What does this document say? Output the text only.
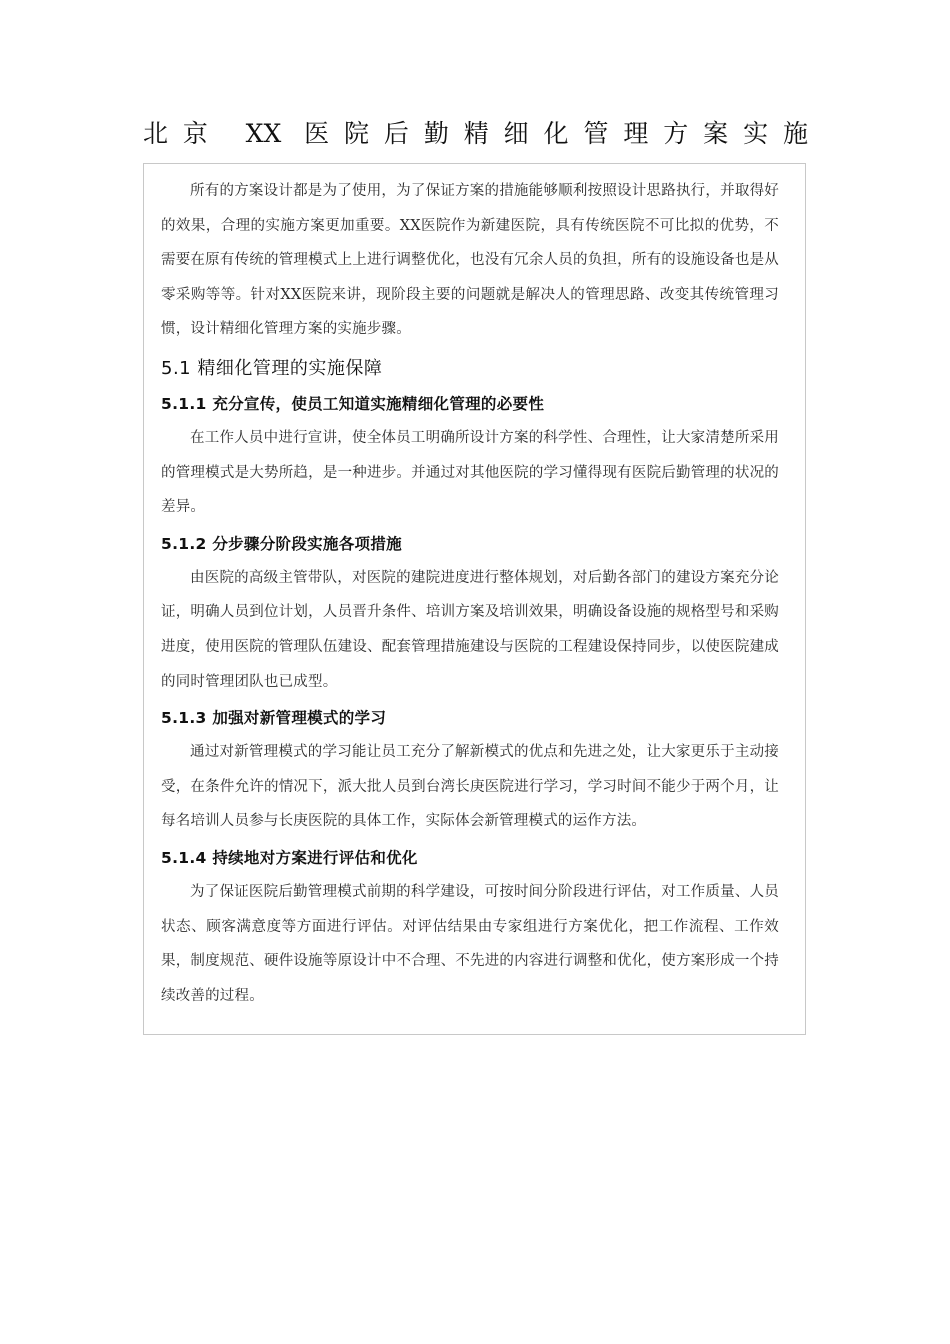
北京 XX 医院后勤精细化管理方案实施

所有的方案设计都是为了使用，为了保证方案的措施能够顺利按照设计思路执行，并取得好的效果，合理的实施方案更加重要。XX医院作为新建医院，具有传统医院不可比拟的优势，不需要在原有传统的管理模式上上进行调整优化，也没有冗余人员的负担，所有的设施设备也是从零采购等等。针对XX医院来讲，现阶段主要的问题就是解决人的管理思路、改变其传统管理习惯，设计精细化管理方案的实施步骤。

5.1 精细化管理的实施保障
5.1.1 充分宣传，使员工知道实施精细化管理的必要性

在工作人员中进行宣讲，使全体员工明确所设计方案的科学性、合理性，让大家清楚所采用的管理模式是大势所趋，是一种进步。并通过对其他医院的学习懂得现有医院后勤管理的状况的差异。

5.1.2 分步骤分阶段实施各项措施

由医院的高级主管带队，对医院的建院进度进行整体规划，对后勤各部门的建设方案充分论证，明确人员到位计划，人员晋升条件、培训方案及培训效果，明确设备设施的规格型号和采购进度，使用医院的管理队伍建设、配套管理措施建设与医院的工程建设保持同步，以使医院建成的同时管理团队也已成型。

5.1.3 加强对新管理模式的学习

通过对新管理模式的学习能让员工充分了解新模式的优点和先进之处，让大家更乐于主动接受，在条件允许的情况下，派大批人员到台湾长庚医院进行学习，学习时间不能少于两个月，让每名培训人员参与长庚医院的具体工作，实际体会新管理模式的运作方法。

5.1.4 持续地对方案进行评估和优化

为了保证医院后勤管理模式前期的科学建设，可按时间分阶段进行评估，对工作质量、人员状态、顾客满意度等方面进行评估。对评估结果由专家组进行方案优化，把工作流程、工作效果，制度规范、硬件设施等原设计中不合理、不先进的内容进行调整和优化，使方案形成一个持续改善的过程。
